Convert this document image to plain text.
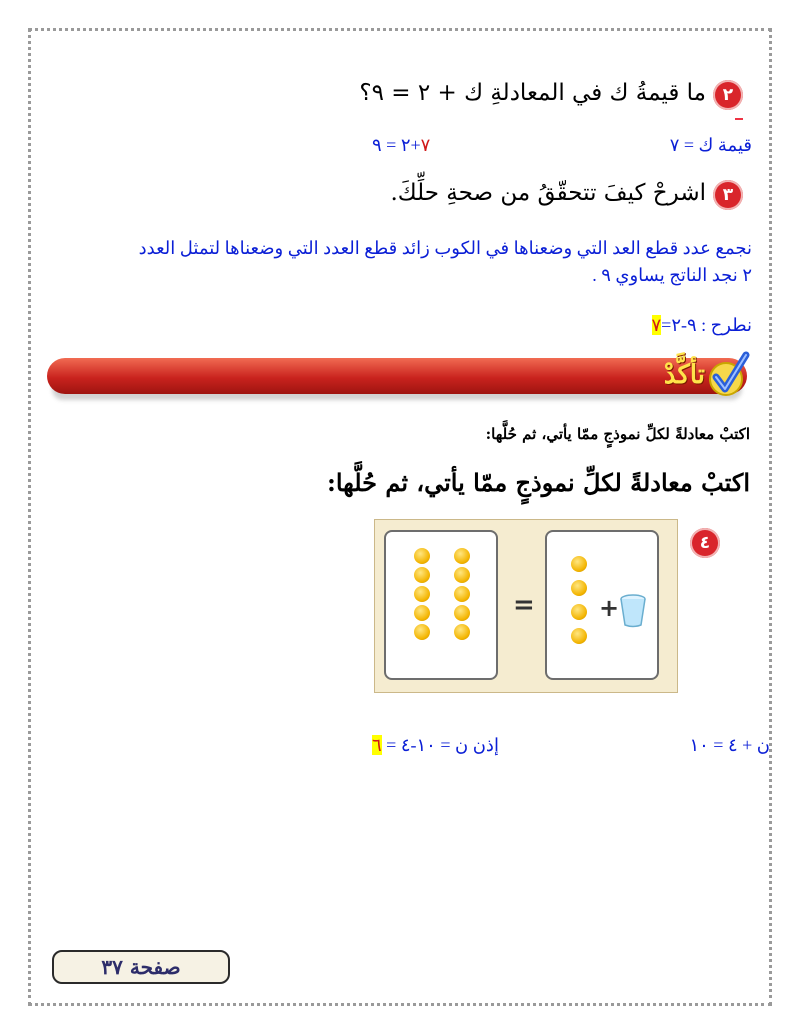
٢
ما قيمةُ ك في المعادلةِ ك + ٢ = ٩؟
قيمة ك = ٧
٧+٢ = ٩
٣
اشرحْ كيفَ تتحقّقُ من صحةِ حلِّكَ.
نجمع عدد قطع العد التي وضعناها في الكوب زائد قطع العدد التي وضعناها لتمثل العدد
٢ نجد الناتج يساوي ٩ .
نطرح : ٩-٢=٧
تأكَّدْ
اكتبْ معادلةً لكلِّ نموذجٍ ممّا يأتي، ثم حُلَّها:
اكتبْ معادلةً لكلِّ نموذجٍ ممّا يأتي، ثم حُلَّها:
٤
=	+
ن + ٤ = ١٠
إذن ن = ١٠-٤ = ٦
صفحة ٣٧
